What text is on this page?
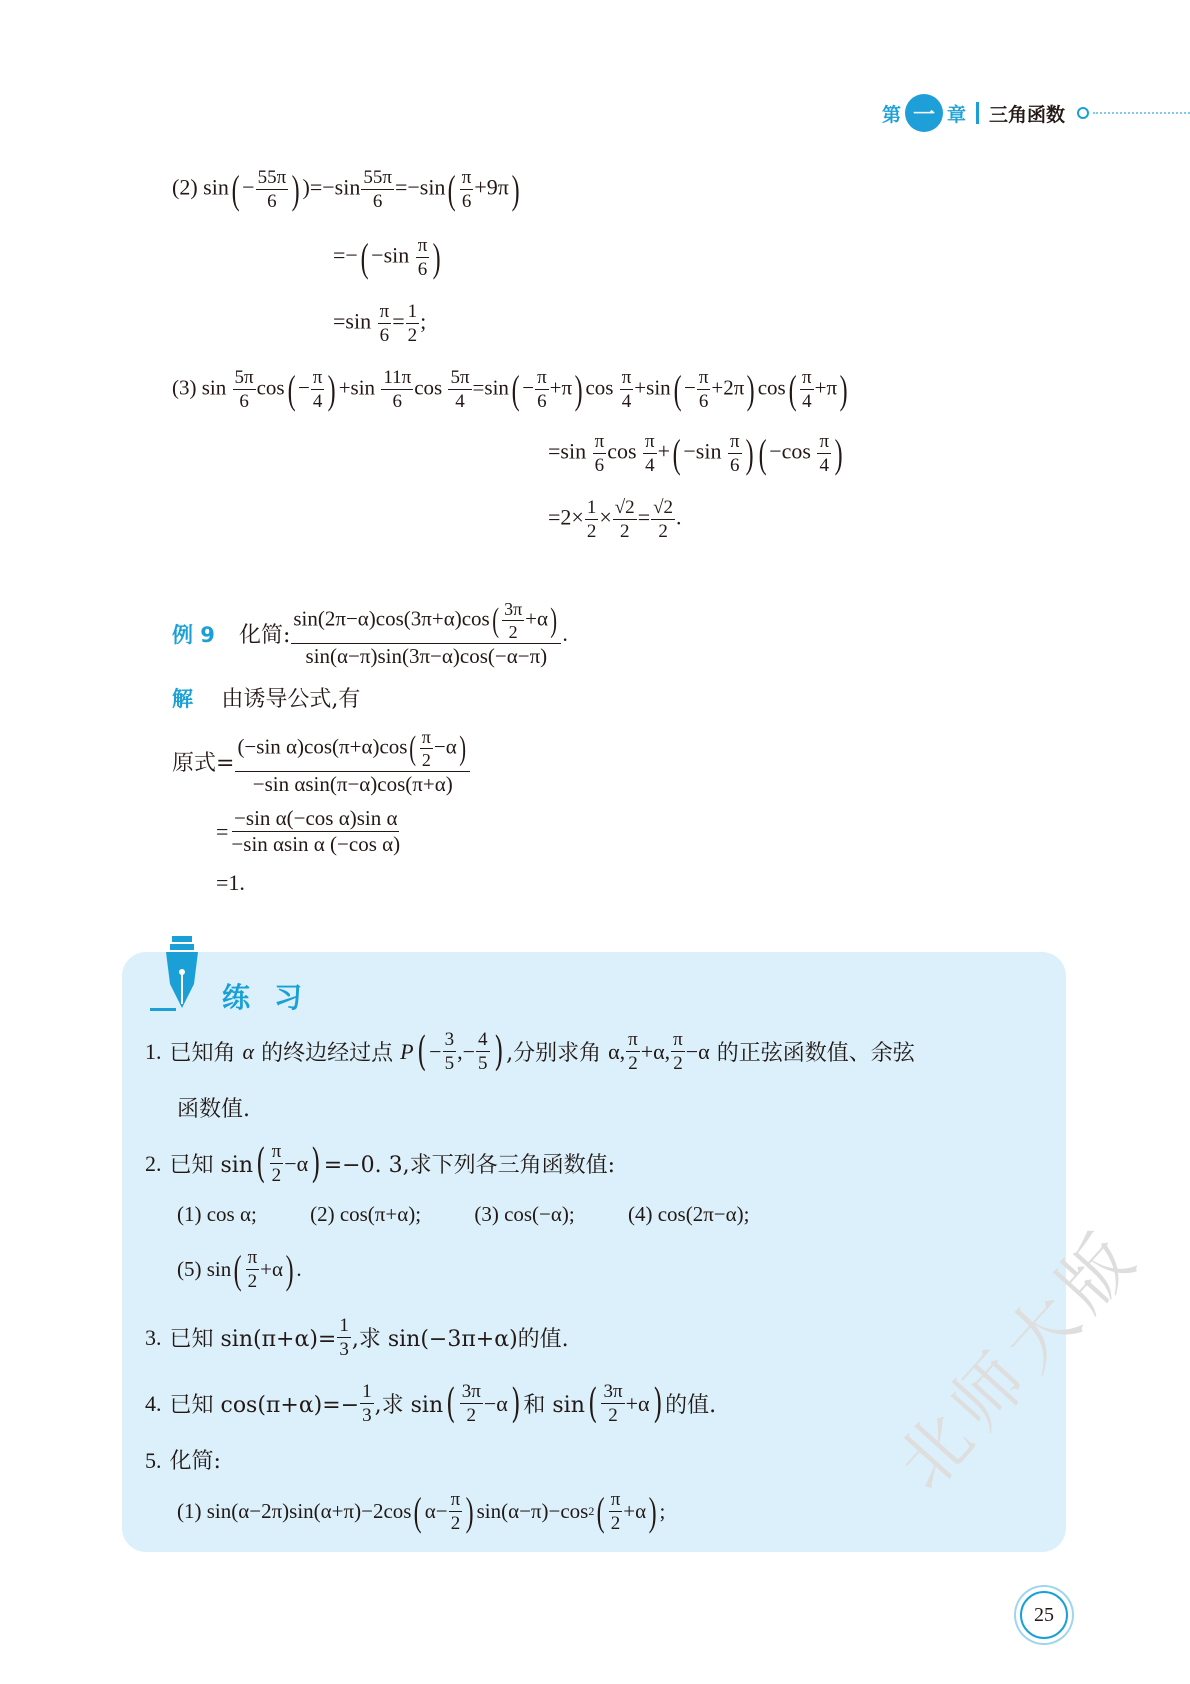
第 一 章 三角函数
(2) $\sin( - \frac{55\pi}{6}$ ) )$=-\sin \frac{55\pi}{6} =-\sin( \frac{\pi}{6} +9\pi)$
=−( $-\sin \frac{\pi}{6}$ )
$=\sin \frac{\pi}{6} = \frac{1}{2}$ ;
(3) $\sin \frac{5\pi}{6} \cos( - \frac{\pi}{4}$ ) $+\sin \frac{11\pi}{6}$ $\cos \frac{5\pi}{4} =\sin( - \frac{\pi}{6} +\pi)$ $\cos \frac{\pi}{4} +\sin( - \frac{\pi}{6} +2\pi)$ $\cos( \frac{\pi}{4} +\pi)$
$=\sin \frac{\pi}{6}$ $\cos \frac{\pi}{4}$ +( $-\sin \frac{\pi}{6}$ ) ( $-\cos \frac{\pi}{4}$ )
$=2\times \frac{1}{2} \times \frac{√2}{2} = \frac{√2}{2}$ .
例 9 化简:
$\sin(2\pi-\alpha)\cos(3\pi+\alpha)\cos( \frac{3\pi}{2} +\alpha)$
sin(α−π)sin(3π−α)cos(−α−π)
.
解 由诱导公式,有
原式= $\frac{(-\sin \alpha)\cos(\pi+\alpha)\cos( \frac{\pi}{2} -\alpha)}{\text{−sin αsin(π−α)cos(π+α)}}$
= $\frac{\text{−sin α(−cos α)sin α}}{\text{−sin αsin α (−cos α)}}$
=1.
练习
1. 已知角
α
的终边经过点
P ( − $\frac{3}{5}$ ,− $\frac{4}{5}$ ) ,分别求角
α, π
2 +α, π
2 −α
的正弦函数值、余弦
函数值.
2. 已知 sin ( π
2 −α ) =−0. 3,求下列各三角函数值:
(1) cos α;	(2) cos(π+α);	(3) cos(−α);	(4) cos(2π−α);
(5) sin ( π
2
+α ) .
3. 已知 $\sin(\pi+\alpha)= \frac{1}{3}$ ,求 sin(−3π+α)的值.
4. 已知 $\cos(\pi+\alpha)=- \frac{1}{3}$ ,求 sin ( 3π
2 −α ) 和 sin ( 3π
2 +α ) 的值.
5. 化简:
(1) sin(α−2π)sin(α+π)−2cos ( $\alpha- \frac{\pi}{2}$ ) sin(α−π)−cos 2 ( π
2
+α ) ;
北师大版
25
